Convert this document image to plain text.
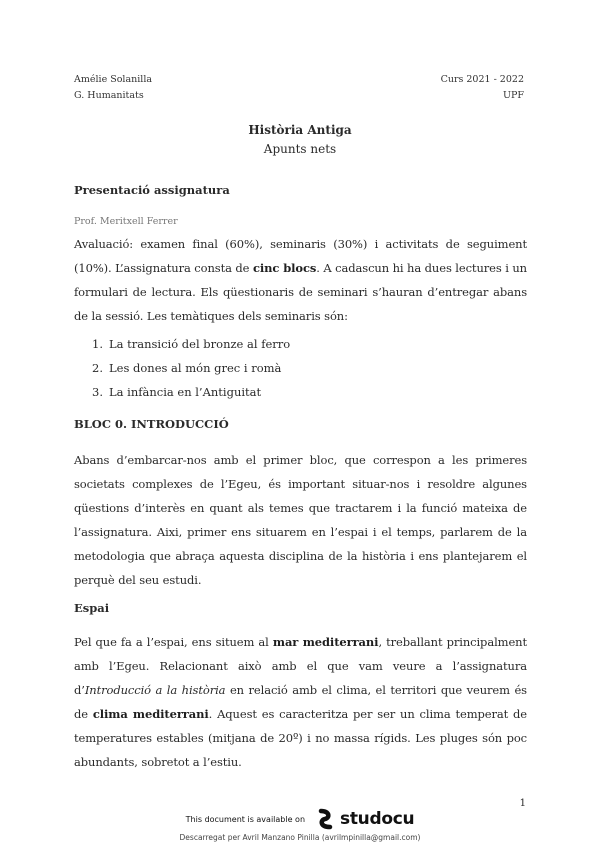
Amélie Solanilla
G. Humanitats
Curs 2021 - 2022
UPF
Història Antiga
Apunts nets
Presentació assignatura
Prof. Meritxell Ferrer
Avaluació: examen final (60%), seminaris (30%) i activitats de seguiment (10%). L’assignatura consta de cinc blocs. A cadascun hi ha dues lectures i un formulari de lectura. Els qüestionaris de seminari s’hauran d’entregar abans de la sessió. Les temàtiques dels seminaris són:
1. La transició del bronze al ferro
2. Les dones al món grec i romà
3. La infància en l’Antiguitat
BLOC 0. INTRODUCCIÓ
Abans d’embarcar-nos amb el primer bloc, que correspon a les primeres societats complexes de l’Egeu, és important situar-nos i resoldre algunes qüestions d’interès en quant als temes que tractarem i la funció mateixa de l’assignatura. Aixi, primer ens situarem en l’espai i el temps, parlarem de la metodologia que abraça aquesta disciplina de la història i ens plantejarem el perquè del seu estudi.
Espai
Pel que fa a l’espai, ens situem al mar mediterrani, treballant principalment amb l’Egeu. Relacionant això amb el que vam veure a l’assignatura d’Introducció a la història en relació amb el clima, el territori que veurem és de clima mediterrani. Aquest es caracteritza per ser un clima temperat de temperatures estables (mitjana de 20º) i no massa rígids. Les pluges són poc abundants, sobretot a l’estiu.
1
This document is available on studocu
Descarregat per Avril Manzano Pinilla (avrilmpinilla@gmail.com)
